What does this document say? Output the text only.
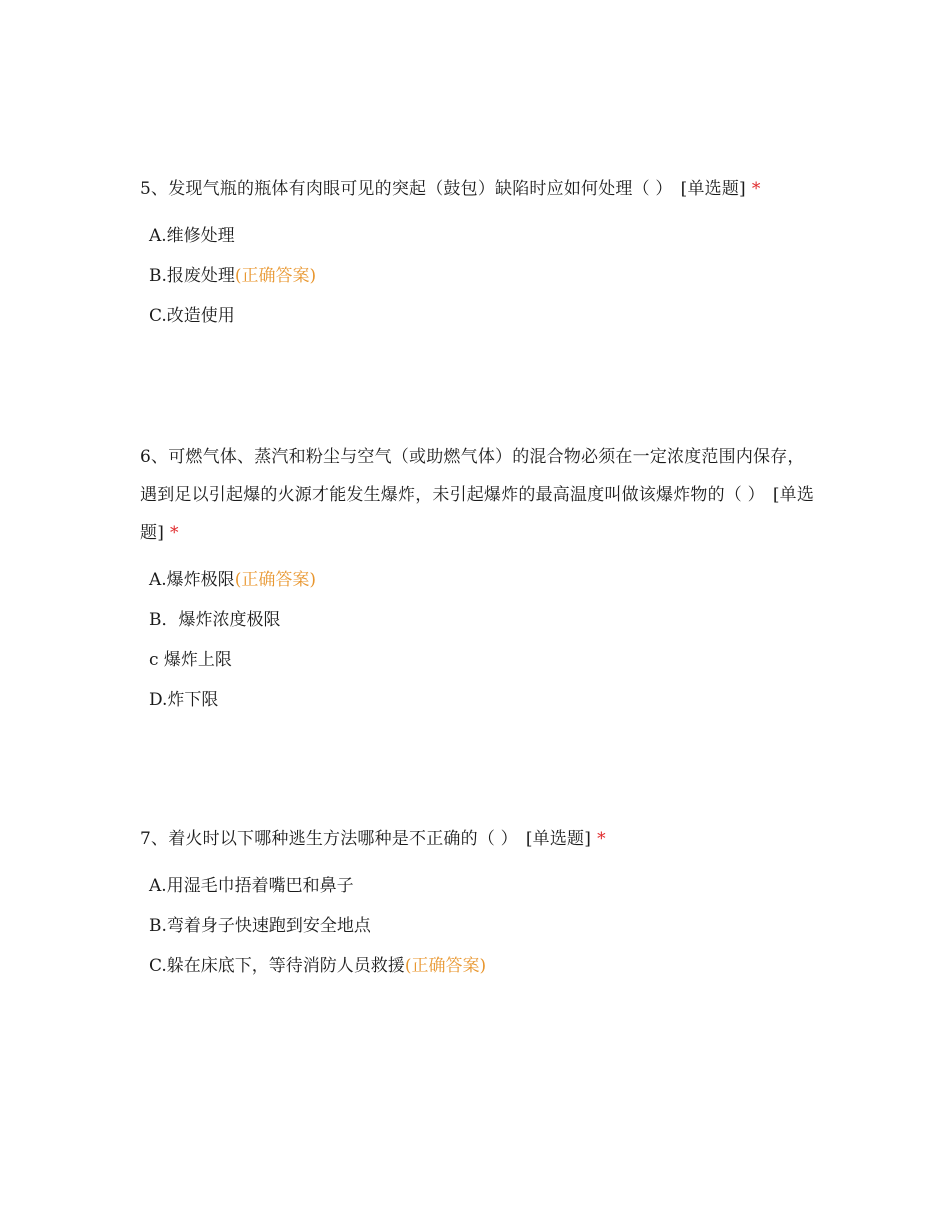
5、发现气瓶的瓶体有肉眼可见的突起（鼓包）缺陷时应如何处理（ ） [单选题] *

A.维修处理
B.报废处理(正确答案)
C.改造使用

6、可燃气体、蒸汽和粉尘与空气（或助燃气体）的混合物必须在一定浓度范围内保存，遇到足以引起爆的火源才能发生爆炸，未引起爆炸的最高温度叫做该爆炸物的（ ） [单选题] *

A.爆炸极限(正确答案)
B．爆炸浓度极限
c 爆炸上限
D.炸下限

7、着火时以下哪种逃生方法哪种是不正确的（ ） [单选题] *

A.用湿毛巾捂着嘴巴和鼻子
B.弯着身子快速跑到安全地点
C.躲在床底下，等待消防人员救援(正确答案)
